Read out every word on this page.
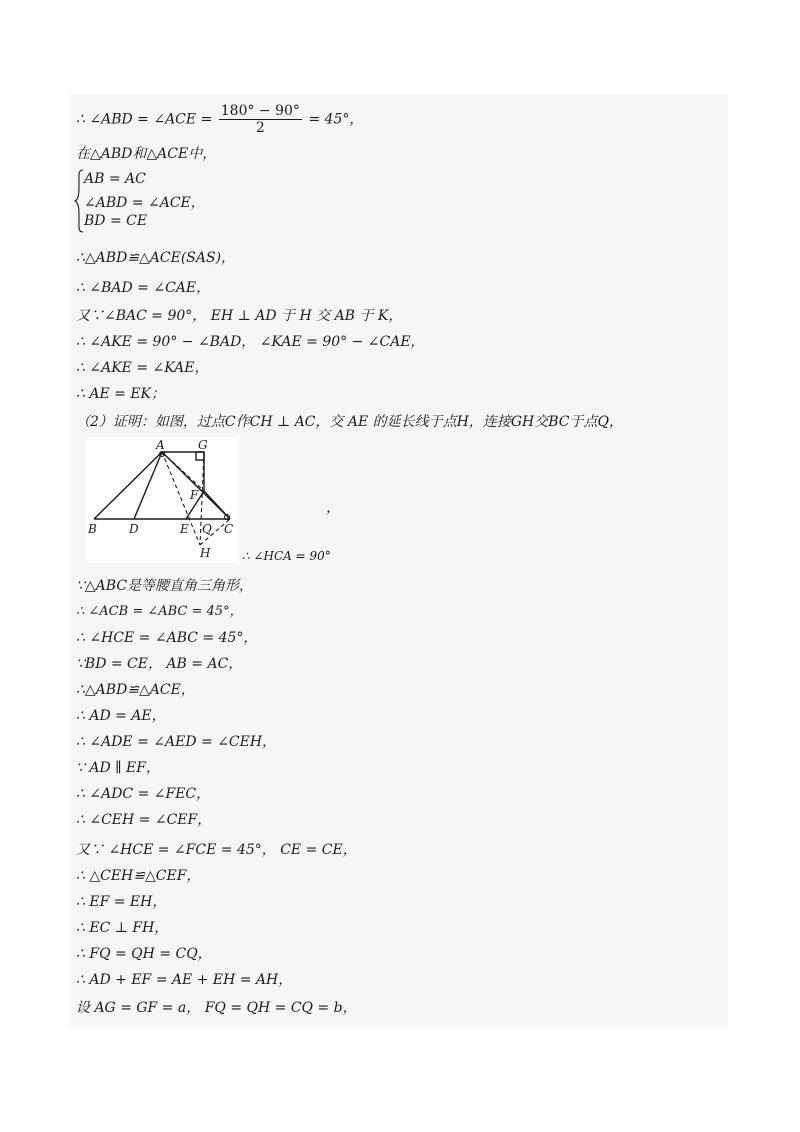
∴ ∠ABD = ∠ACE = $\frac{180^\circ - 90^\circ}{2} = 45^\circ$，
在△ABD和△ACE中，
AB = AC
∠ABD = ∠ACE，
BD = CE
∴△ABD≌△ACE(SAS)，
∴ ∠BAD = ∠CAE，
又∵∠BAC = 90°， EH ⊥ AD 于 H 交 AB 于 K，
∴ ∠AKE = 90° − ∠BAD， ∠KAE = 90° − ∠CAE，
∴ ∠AKE = ∠KAE，
∴ AE = EK；
（2）证明：如图，过点C作CH ⊥ AC，交 AE 的延长线于点H，连接GH交BC于点Q，
A	G
F
B	D	E Q C
H
，
∴ ∠HCA = 90°
∵△ABC是等腰直角三角形，
∴ ∠ACB = ∠ABC = 45°，
∴ ∠HCE = ∠ABC = 45°，
∵BD = CE， AB = AC，
∴△ABD≌△ACE，
∴ AD = AE，
∴ ∠ADE = ∠AED = ∠CEH，
∵ AD ∥ EF，
∴ ∠ADC = ∠FEC，
∴ ∠CEH = ∠CEF，
又∵ ∠HCE = ∠FCE = 45°， CE = CE，
∴ △CEH≌△CEF，
∴ EF = EH，
∴ EC ⊥ FH，
∴ FQ = QH = CQ，
∴ AD + EF = AE + EH = AH，
设 AG = GF = a， FQ = QH = CQ = b，
